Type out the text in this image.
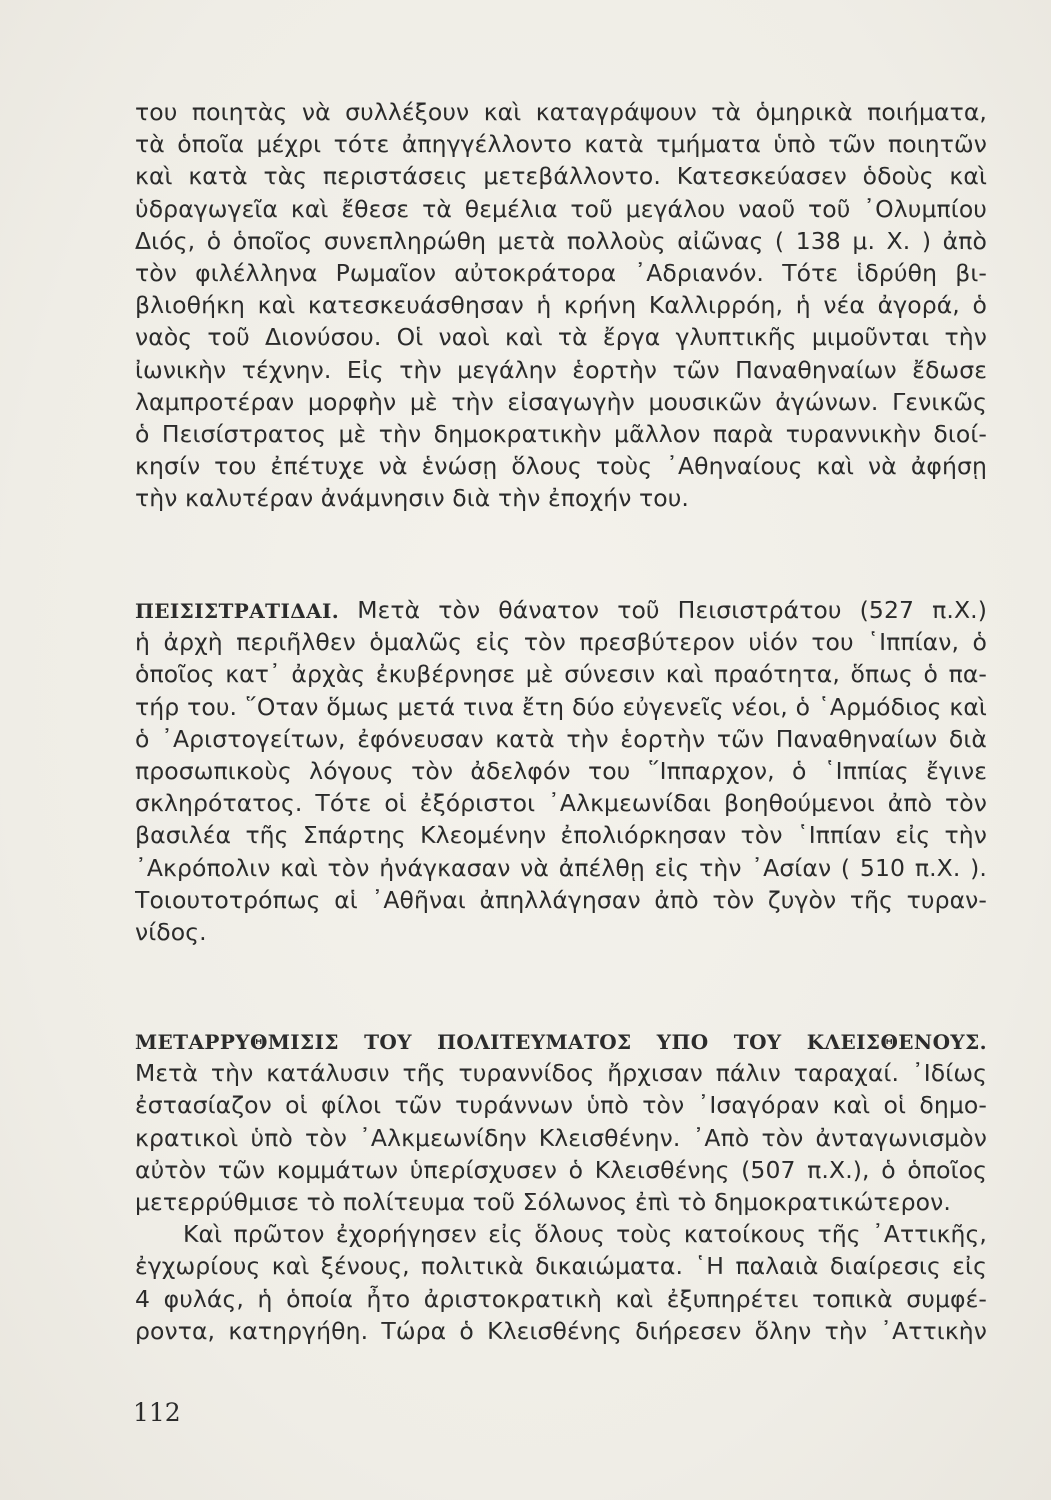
του ποιητὰς νὰ συλλέξουν καὶ καταγράψουν τὰ ὁμηρικὰ ποιήματα,
τὰ ὁποῖα μέχρι τότε ἀπηγγέλλοντο κατὰ τμήματα ὑπὸ τῶν ποιητῶν
καὶ κατὰ τὰς περιστάσεις μετεβάλλοντο. Κατεσκεύασεν ὁδοὺς καὶ
ὑδραγωγεῖα καὶ ἔθεσε τὰ θεμέλια τοῦ μεγάλου ναοῦ τοῦ ᾿Ολυμπίου
Διός, ὁ ὁποῖος συνεπληρώθη μετὰ πολλοὺς αἰῶνας ( 138 μ. Χ. ) ἀπὸ
τὸν φιλέλληνα Ρωμαῖον αὐτοκράτορα ᾿Αδριανόν. Τότε ἱδρύθη βι-
βλιοθήκη καὶ κατεσκευάσθησαν ἡ κρήνη Καλλιρρόη, ἡ νέα ἀγορά, ὁ
ναὸς τοῦ Διονύσου. Οἱ ναοὶ καὶ τὰ ἔργα γλυπτικῆς μιμοῦνται τὴν
ἰωνικὴν τέχνην. Εἰς τὴν μεγάλην ἑορτὴν τῶν Παναθηναίων ἔδωσε
λαμπροτέραν μορφὴν μὲ τὴν εἰσαγωγὴν μουσικῶν ἀγώνων. Γενικῶς
ὁ Πεισίστρατος μὲ τὴν δημοκρατικὴν μᾶλλον παρὰ τυραννικὴν διοί-
κησίν του ἐπέτυχε νὰ ἑνώσῃ ὅλους τοὺς ᾿Αθηναίους καὶ νὰ ἀφήσῃ
τὴν καλυτέραν ἀνάμνησιν διὰ τὴν ἐποχήν του.
ΠΕΙΣΙΣΤΡΑΤΙΔΑΙ. Μετὰ τὸν θάνατον τοῦ Πεισιστράτου (527 π.Χ.)
ἡ ἀρχὴ περιῆλθεν ὁμαλῶς εἰς τὸν πρεσβύτερον υἱόν του ῾Ιππίαν, ὁ
ὁποῖος κατ᾿ ἀρχὰς ἐκυβέρνησε μὲ σύνεσιν καὶ πραότητα, ὅπως ὁ πα-
τήρ του. ῞Οταν ὅμως μετά τινα ἔτη δύο εὐγενεῖς νέοι, ὁ ῾Αρμόδιος καὶ
ὁ ᾿Αριστογείτων, ἐφόνευσαν κατὰ τὴν ἑορτὴν τῶν Παναθηναίων διὰ
προσωπικοὺς λόγους τὸν ἀδελφόν του ῞Ιππαρχον, ὁ ῾Ιππίας ἔγινε
σκληρότατος. Τότε οἱ ἐξόριστοι ᾿Αλκμεωνίδαι βοηθούμενοι ἀπὸ τὸν
βασιλέα τῆς Σπάρτης Κλεομένην ἐπολιόρκησαν τὸν ῾Ιππίαν εἰς τὴν
᾿Ακρόπολιν καὶ τὸν ἠνάγκασαν νὰ ἀπέλθῃ εἰς τὴν ᾿Ασίαν ( 510 π.Χ. ).
Τοιουτοτρόπως αἱ ᾿Αθῆναι ἀπηλλάγησαν ἀπὸ τὸν ζυγὸν τῆς τυραν-
νίδος.
ΜΕΤΑΡΡΥΘΜΙΣΙΣ ΤΟΥ ΠΟΛΙΤΕΥΜΑΤΟΣ ΥΠΟ ΤΟΥ ΚΛΕΙΣΘΕΝΟΥΣ.
Μετὰ τὴν κατάλυσιν τῆς τυραννίδος ἤρχισαν πάλιν ταραχαί. ᾿Ιδίως
ἐστασίαζον οἱ φίλοι τῶν τυράννων ὑπὸ τὸν ᾿Ισαγόραν καὶ οἱ δημο-
κρατικοὶ ὑπὸ τὸν ᾿Αλκμεωνίδην Κλεισθένην. ᾿Απὸ τὸν ἀνταγωνισμὸν
αὐτὸν τῶν κομμάτων ὑπερίσχυσεν ὁ Κλεισθένης (507 π.Χ.), ὁ ὁποῖος
μετερρύθμισε τὸ πολίτευμα τοῦ Σόλωνος ἐπὶ τὸ δημοκρατικώτερον.
Καὶ πρῶτον ἐχορήγησεν εἰς ὅλους τοὺς κατοίκους τῆς ᾿Αττικῆς,
ἐγχωρίους καὶ ξένους, πολιτικὰ δικαιώματα. ῾Η παλαιὰ διαίρεσις εἰς
4 φυλάς, ἡ ὁποία ἦτο ἀριστοκρατικὴ καὶ ἐξυπηρέτει τοπικὰ συμφέ-
ροντα, κατηργήθη. Τώρα ὁ Κλεισθένης διήρεσεν ὅλην τὴν ᾿Αττικὴν
112
